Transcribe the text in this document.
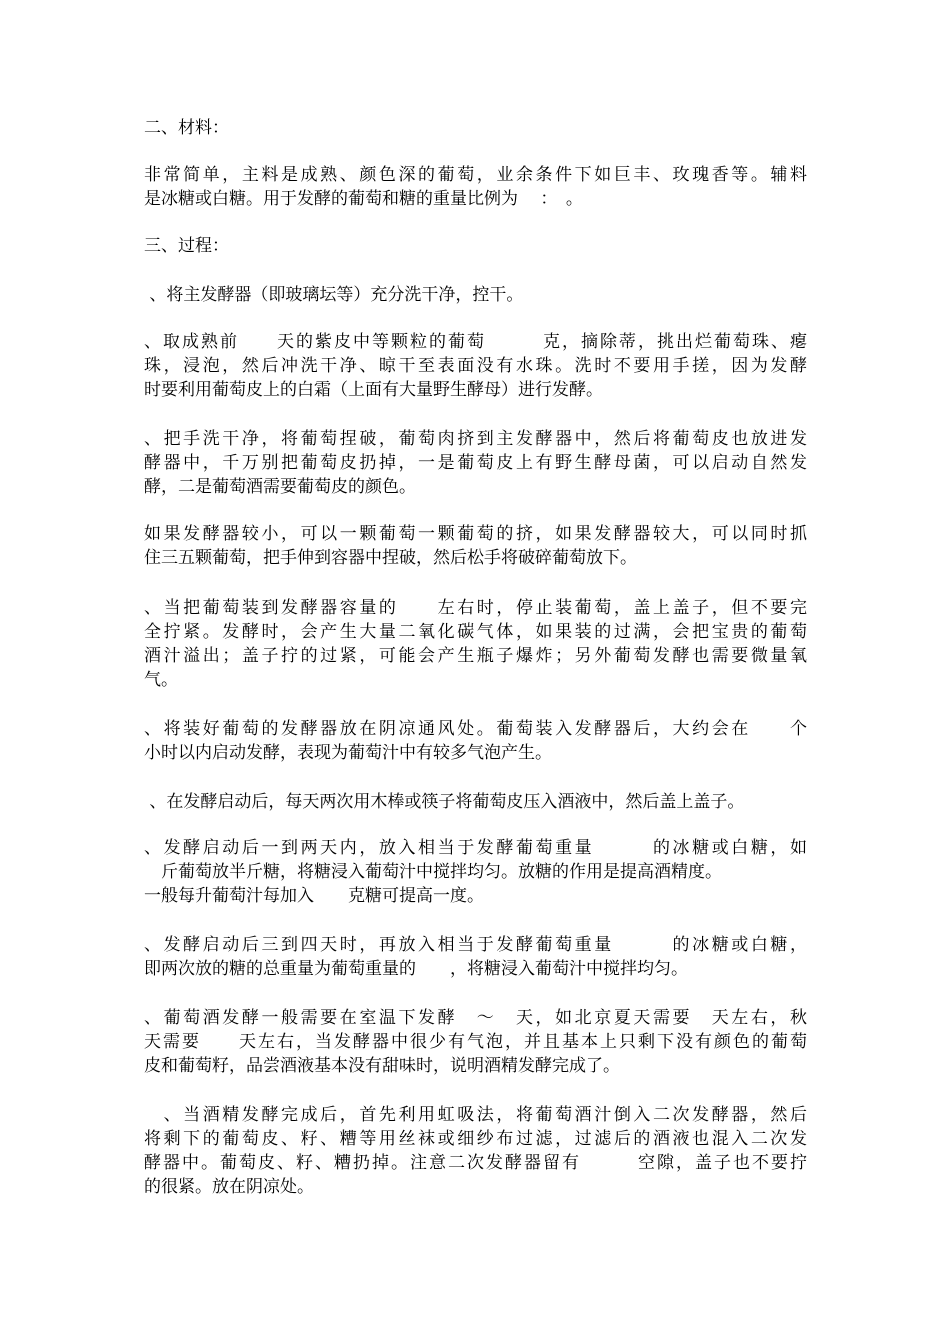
二、材料：
非常简单，主料是成熟、颜色深的葡萄，业余条件下如巨丰、玫瑰香等。辅料
是冰糖或白糖。用于发酵的葡萄和糖的重量比例为　 ：　。
三、过程：
、将主发酵器（即玻璃坛等）充分洗干净，控干。
、取成熟前　　天的紫皮中等颗粒的葡萄　　　克，摘除蒂，挑出烂葡萄珠、瘪
珠，浸泡，然后冲洗干净、晾干至表面没有水珠。洗时不要用手搓，因为发酵
时要利用葡萄皮上的白霜（上面有大量野生酵母）进行发酵。
、把手洗干净，将葡萄捏破，葡萄肉挤到主发酵器中，然后将葡萄皮也放进发
酵器中，千万别把葡萄皮扔掉，一是葡萄皮上有野生酵母菌，可以启动自然发
酵，二是葡萄酒需要葡萄皮的颜色。
如果发酵器较小，可以一颗葡萄一颗葡萄的挤，如果发酵器较大，可以同时抓
住三五颗葡萄，把手伸到容器中捏破，然后松手将破碎葡萄放下。
、当把葡萄装到发酵器容量的　　左右时，停止装葡萄，盖上盖子，但不要完
全拧紧。发酵时，会产生大量二氧化碳气体，如果装的过满，会把宝贵的葡萄
酒汁溢出；盖子拧的过紧，可能会产生瓶子爆炸；另外葡萄发酵也需要微量氧
气。
、将装好葡萄的发酵器放在阴凉通风处。葡萄装入发酵器后，大约会在　　个
小时以内启动发酵，表现为葡萄汁中有较多气泡产生。
、在发酵启动后，每天两次用木棒或筷子将葡萄皮压入酒液中，然后盖上盖子。
、发酵启动后一到两天内，放入相当于发酵葡萄重量　　　的冰糖或白糖，如
　斤葡萄放半斤糖，将糖浸入葡萄汁中搅拌均匀。放糖的作用是提高酒精度。
一般每升葡萄汁每加入　　克糖可提高一度。
、发酵启动后三到四天时，再放入相当于发酵葡萄重量　　　的冰糖或白糖，
即两次放的糖的总重量为葡萄重量的　　，将糖浸入葡萄汁中搅拌均匀。
、葡萄酒发酵一般需要在室温下发酵　～　天，如北京夏天需要　天左右，秋
天需要　　天左右，当发酵器中很少有气泡，并且基本上只剩下没有颜色的葡萄
皮和葡萄籽，品尝酒液基本没有甜味时，说明酒精发酵完成了。
　、当酒精发酵完成后，首先利用虹吸法，将葡萄酒汁倒入二次发酵器，然后
将剩下的葡萄皮、籽、糟等用丝袜或细纱布过滤，过滤后的酒液也混入二次发
酵器中。葡萄皮、籽、糟扔掉。注意二次发酵器留有　　　空隙，盖子也不要拧
的很紧。放在阴凉处。
